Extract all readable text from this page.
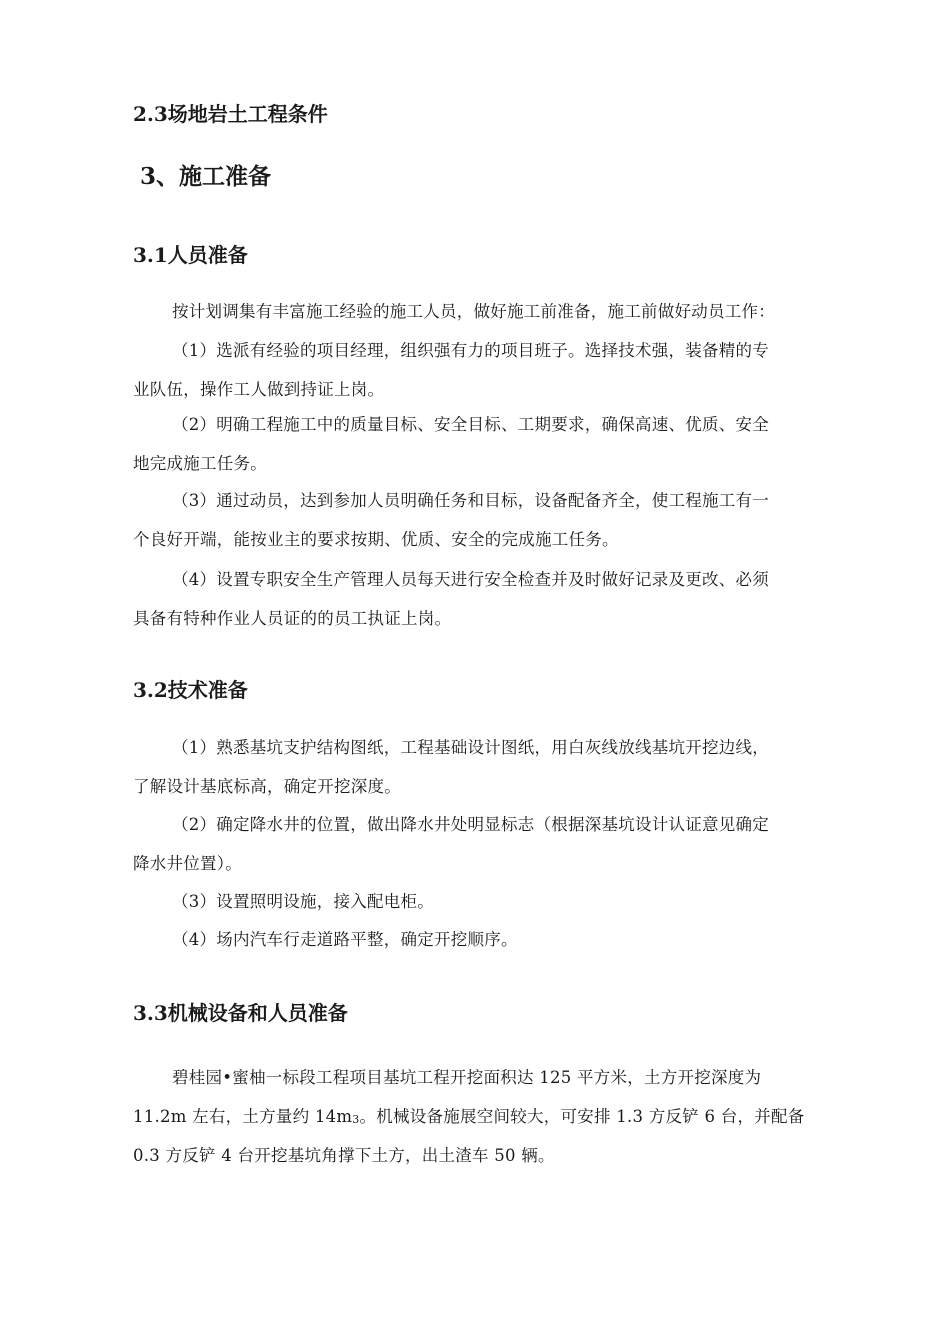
2.3场地岩土工程条件
3、施工准备
3.1人员准备
按计划调集有丰富施工经验的施工人员，做好施工前准备，施工前做好动员工作：
（1）选派有经验的项目经理，组织强有力的项目班子。选择技术强，装备精的专
业队伍，操作工人做到持证上岗。
（2）明确工程施工中的质量目标、安全目标、工期要求，确保高速、优质、安全
地完成施工任务。
（3）通过动员，达到参加人员明确任务和目标，设备配备齐全，使工程施工有一
个良好开端，能按业主的要求按期、优质、安全的完成施工任务。
（4）设置专职安全生产管理人员每天进行安全检查并及时做好记录及更改、必须
具备有特种作业人员证的的员工执证上岗。
3.2技术准备
（1）熟悉基坑支护结构图纸，工程基础设计图纸，用白灰线放线基坑开挖边线，
了解设计基底标高，确定开挖深度。
（2）确定降水井的位置，做出降水井处明显标志（根据深基坑设计认证意见确定
降水井位置）。
（3）设置照明设施，接入配电柜。
（4）场内汽车行走道路平整，确定开挖顺序。
3.3机械设备和人员准备
碧桂园•蜜柚一标段工程项目基坑工程开挖面积达 125 平方米，土方开挖深度为
11.2m 左右，土方量约 $14m_3$。机械设备施展空间较大，可安排 1.3 方反铲 6 台，并配备
0.3 方反铲 4 台开挖基坑角撑下土方，出土渣车 50 辆。
